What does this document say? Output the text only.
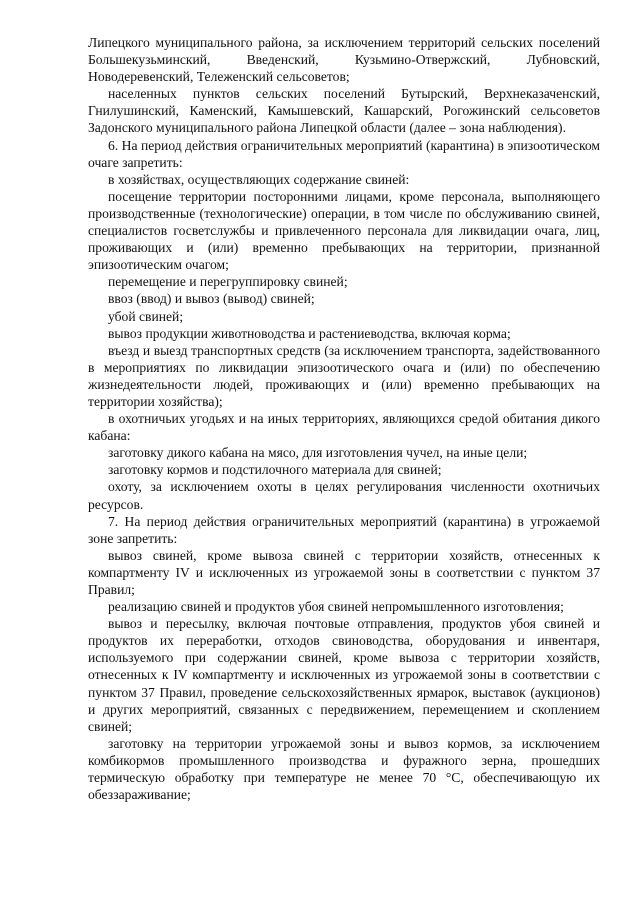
Липецкого муниципального района, за исключением территорий сельских поселений Большекузьминский, Введенский, Кузьмино-Отвержский, Лубновский, Новодеревенский, Тележенский сельсоветов;

населенных пунктов сельских поселений Бутырский, Верхнеказаченский, Гнилушинский, Каменский, Камышевский, Кашарский, Рогожинский сельсоветов Задонского муниципального района Липецкой области (далее – зона наблюдения).

6. На период действия ограничительных мероприятий (карантина) в эпизоотическом очаге запретить:

в хозяйствах, осуществляющих содержание свиней:

посещение территории посторонними лицами, кроме персонала, выполняющего производственные (технологические) операции, в том числе по обслуживанию свиней, специалистов госветслужбы и привлеченного персонала для ликвидации очага, лиц, проживающих и (или) временно пребывающих на территории, признанной эпизоотическим очагом;

перемещение и перегруппировку свиней;

ввоз (ввод) и вывоз (вывод) свиней;

убой свиней;

вывоз продукции животноводства и растениеводства, включая корма;

въезд и выезд транспортных средств (за исключением транспорта, задействованного в мероприятиях по ликвидации эпизоотического очага и (или) по обеспечению жизнедеятельности людей, проживающих и (или) временно пребывающих на территории хозяйства);

в охотничьих угодьях и на иных территориях, являющихся средой обитания дикого кабана:

заготовку дикого кабана на мясо, для изготовления чучел, на иные цели;

заготовку кормов и подстилочного материала для свиней;

охоту, за исключением охоты в целях регулирования численности охотничьих ресурсов.

7. На период действия ограничительных мероприятий (карантина) в угрожаемой зоне запретить:

вывоз свиней, кроме вывоза свиней с территории хозяйств, отнесенных к компартменту IV и исключенных из угрожаемой зоны в соответствии с пунктом 37 Правил;

реализацию свиней и продуктов убоя свиней непромышленного изготовления;

вывоз и пересылку, включая почтовые отправления, продуктов убоя свиней и продуктов их переработки, отходов свиноводства, оборудования и инвентаря, используемого при содержании свиней, кроме вывоза с территории хозяйств, отнесенных к IV компартменту и исключенных из угрожаемой зоны в соответствии с пунктом 37 Правил, проведение сельскохозяйственных ярмарок, выставок (аукционов) и других мероприятий, связанных с передвижением, перемещением и скоплением свиней;

заготовку на территории угрожаемой зоны и вывоз кормов, за исключением комбикормов промышленного производства и фуражного зерна, прошедших термическую обработку при температуре не менее 70 °С, обеспечивающую их обеззараживание;
